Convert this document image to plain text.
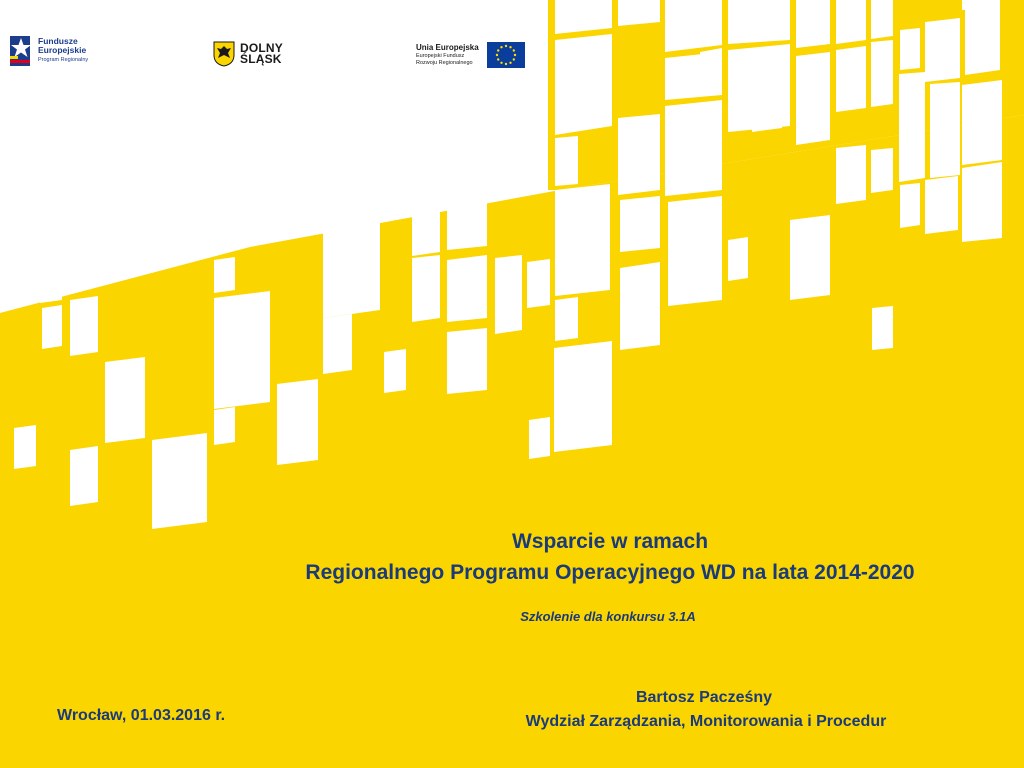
Fundusze
Europejskie
Program Regionalny
DOLNY
ŚLĄSK
Unia Europejska
Europejski Fundusz
Rozwoju Regionalnego
Wsparcie w ramach
Regionalnego Programu Operacyjnego WD na lata 2014-2020
Szkolenie dla konkursu 3.1A
Wrocław, 01.03.2016 r.
Bartosz Pacześny
Wydział Zarządzania, Monitorowania i Procedur
